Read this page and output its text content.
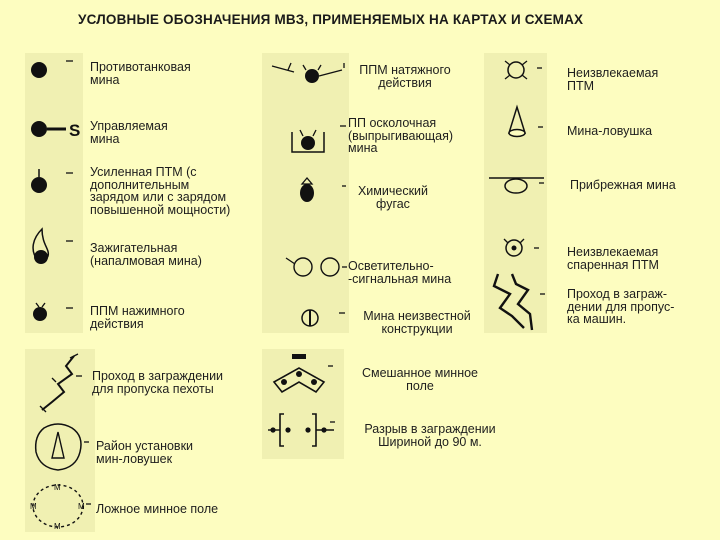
УСЛОВНЫЕ ОБОЗНАЧЕНИЯ МВЗ, ПРИМЕНЯЕМЫХ НА КАРТАХ И СХЕМАХ
Противотанковая
мина
S Управляемая
мина
Усиленная ПТМ (с
дополнительным
зарядом или с зарядом
повышенной мощности)
Зажигательная
(напалмовая мина)
ППМ нажимного
действия
ППМ натяжного
действия
ПП осколочная
(выпрыгивающая)
мина
Химический
фугас
Осветительно-
-сигнальная мина
Мина неизвестной
конструкции
Неизвлекаемая
ПТМ
Мина-ловушка
Прибрежная мина
Неизвлекаемая
спаренная ПТМ
Проход в заграж-
дении для пропус-
ка машин.
Проход в заграждении
для пропуска пехоты
Район установки
мин-ловушек
М
М	М
М
Ложное минное поле
Смешанное минное
поле
Разрыв в заграждении
Шириной до 90 м.
